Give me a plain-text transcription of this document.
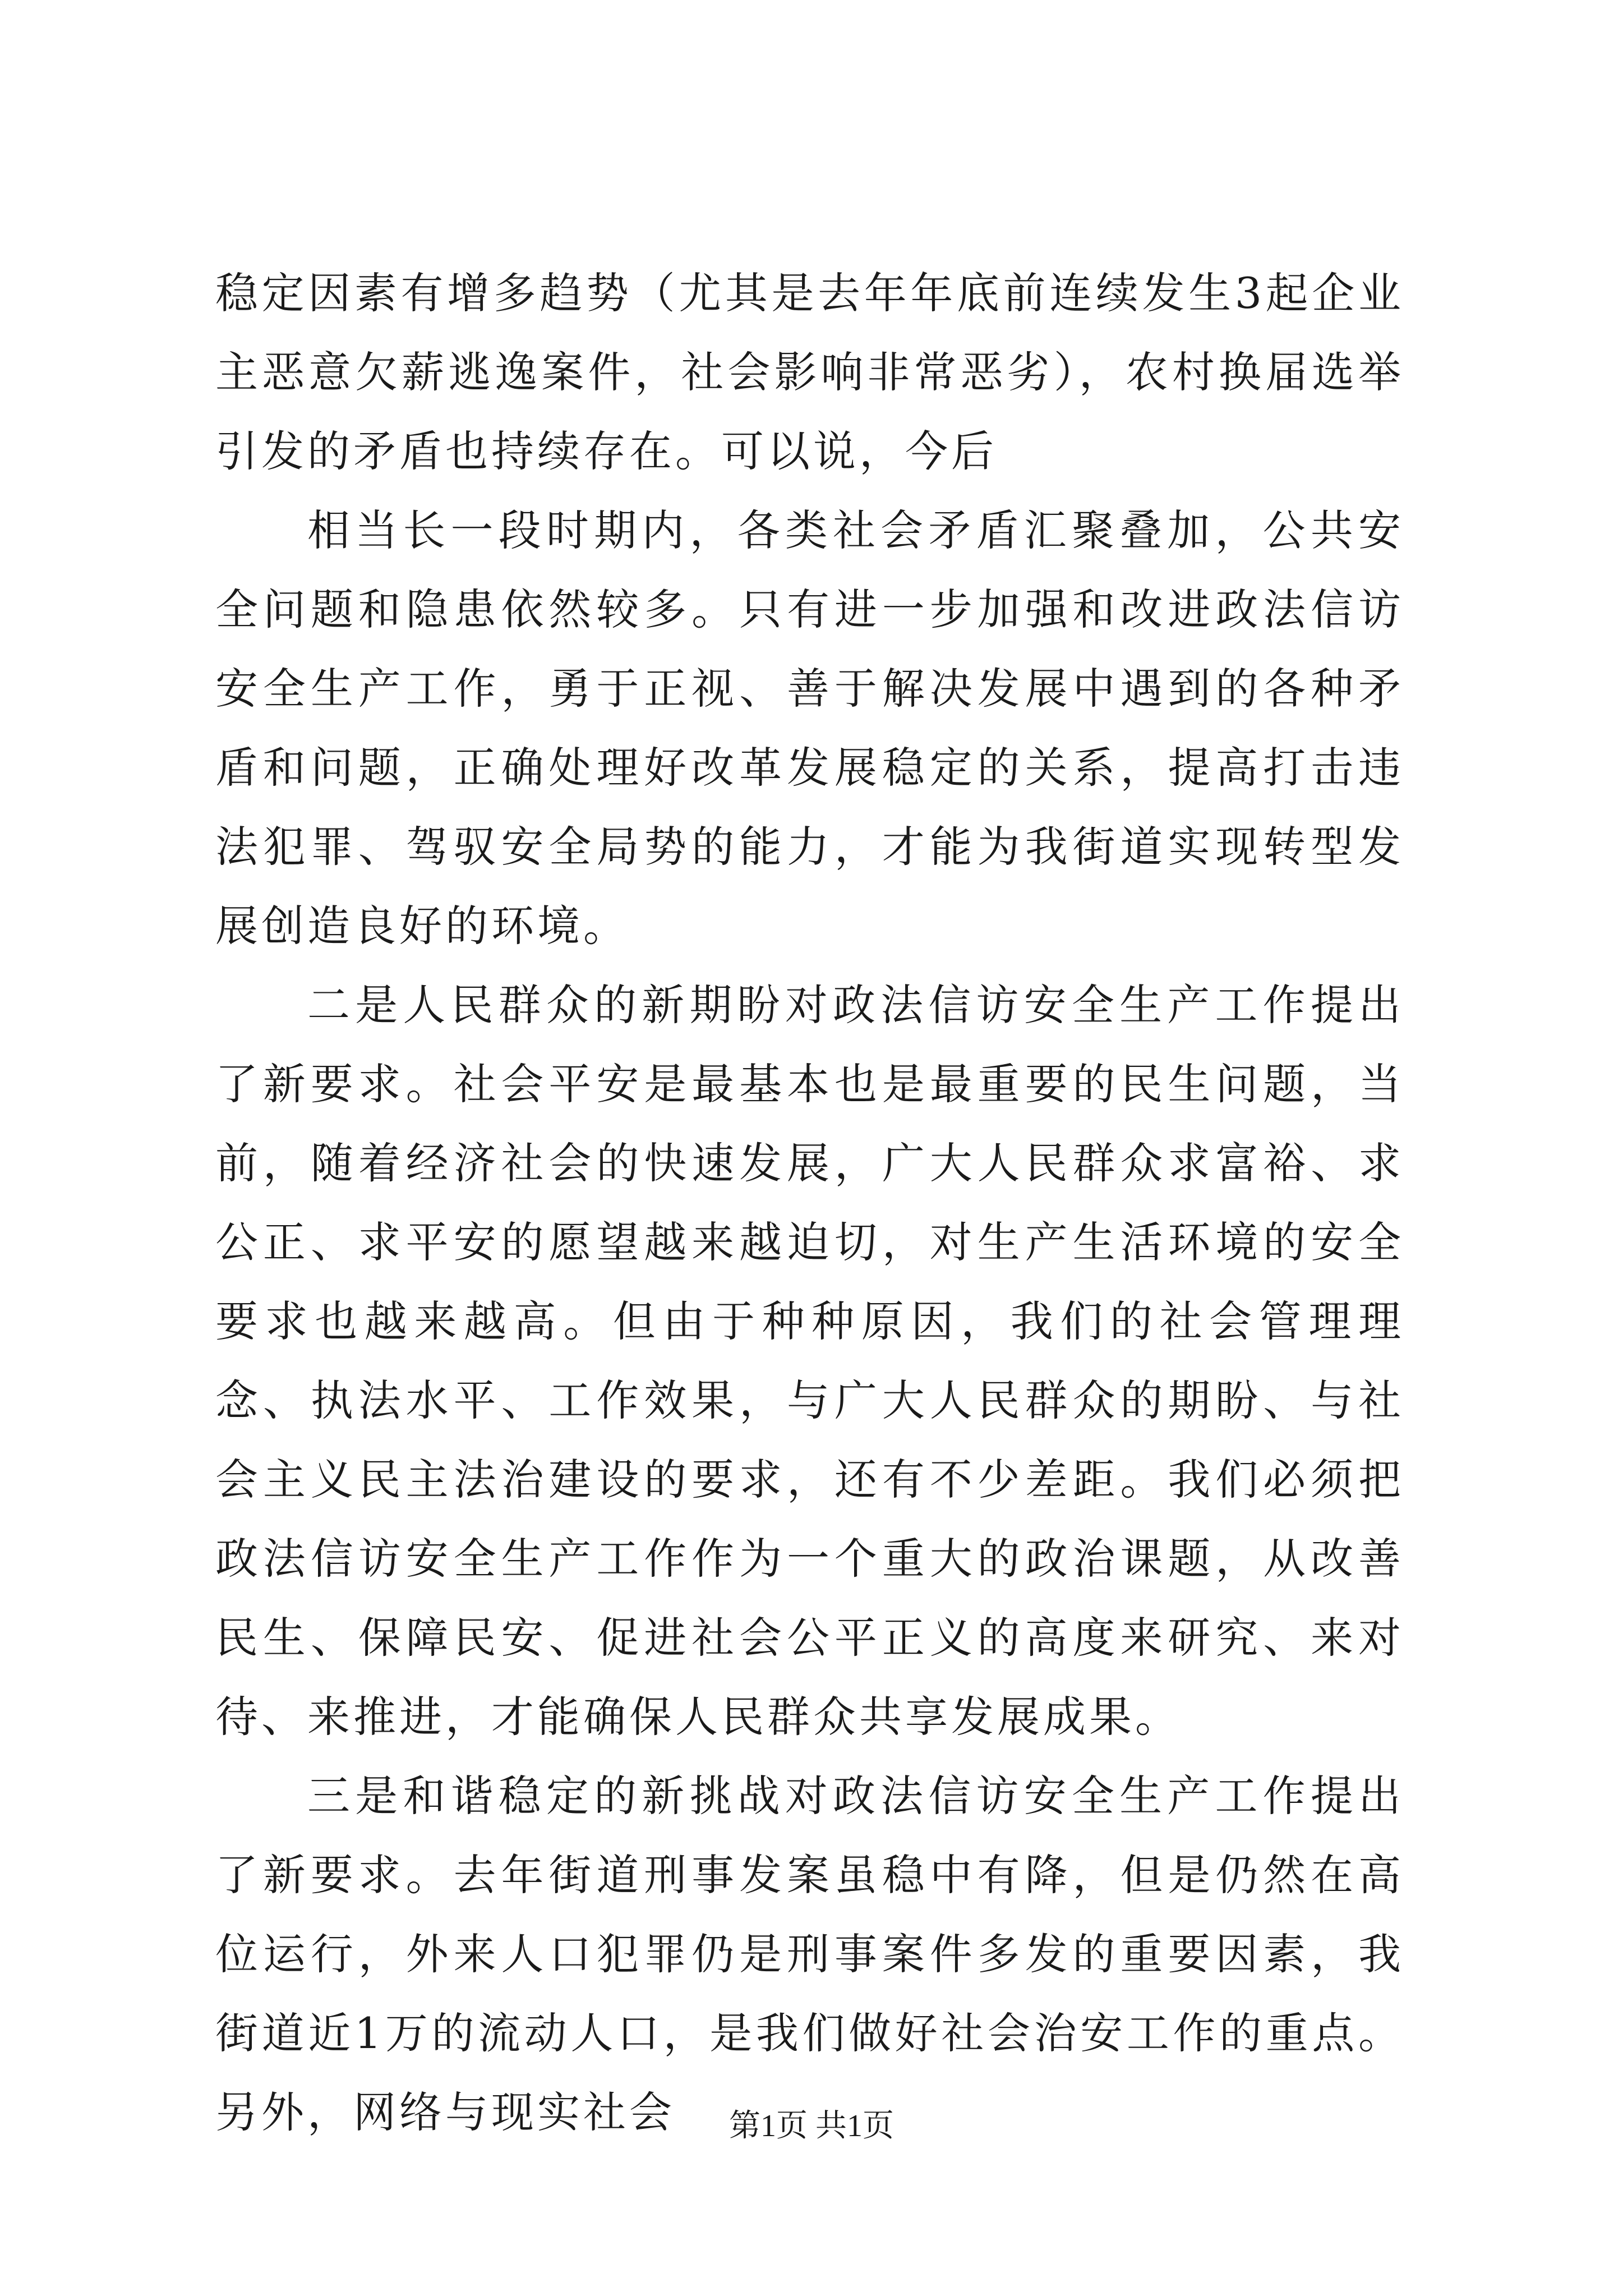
稳定因素有增多趋势（尤其是去年年底前连续发生3起企业主恶意欠薪逃逸案件，社会影响非常恶劣），农村换届选举引发的矛盾也持续存在。可以说，今后

相当长一段时期内，各类社会矛盾汇聚叠加，公共安全问题和隐患依然较多。只有进一步加强和改进政法信访安全生产工作，勇于正视、善于解决发展中遇到的各种矛盾和问题，正确处理好改革发展稳定的关系，提高打击违法犯罪、驾驭安全局势的能力，才能为我街道实现转型发展创造良好的环境。

二是人民群众的新期盼对政法信访安全生产工作提出了新要求。社会平安是最基本也是最重要的民生问题，当前，随着经济社会的快速发展，广大人民群众求富裕、求公正、求平安的愿望越来越迫切，对生产生活环境的安全要求也越来越高。但由于种种原因，我们的社会管理理念、执法水平、工作效果，与广大人民群众的期盼、与社会主义民主法治建设的要求，还有不少差距。我们必须把政法信访安全生产工作作为一个重大的政治课题，从改善民生、保障民安、促进社会公平正义的高度来研究、来对待、来推进，才能确保人民群众共享发展成果。

三是和谐稳定的新挑战对政法信访安全生产工作提出了新要求。去年街道刑事发案虽稳中有降，但是仍然在高位运行，外来人口犯罪仍是刑事案件多发的重要因素，我街道近1万的流动人口，是我们做好社会治安工作的重点。另外，网络与现实社会	第1页 共1页
